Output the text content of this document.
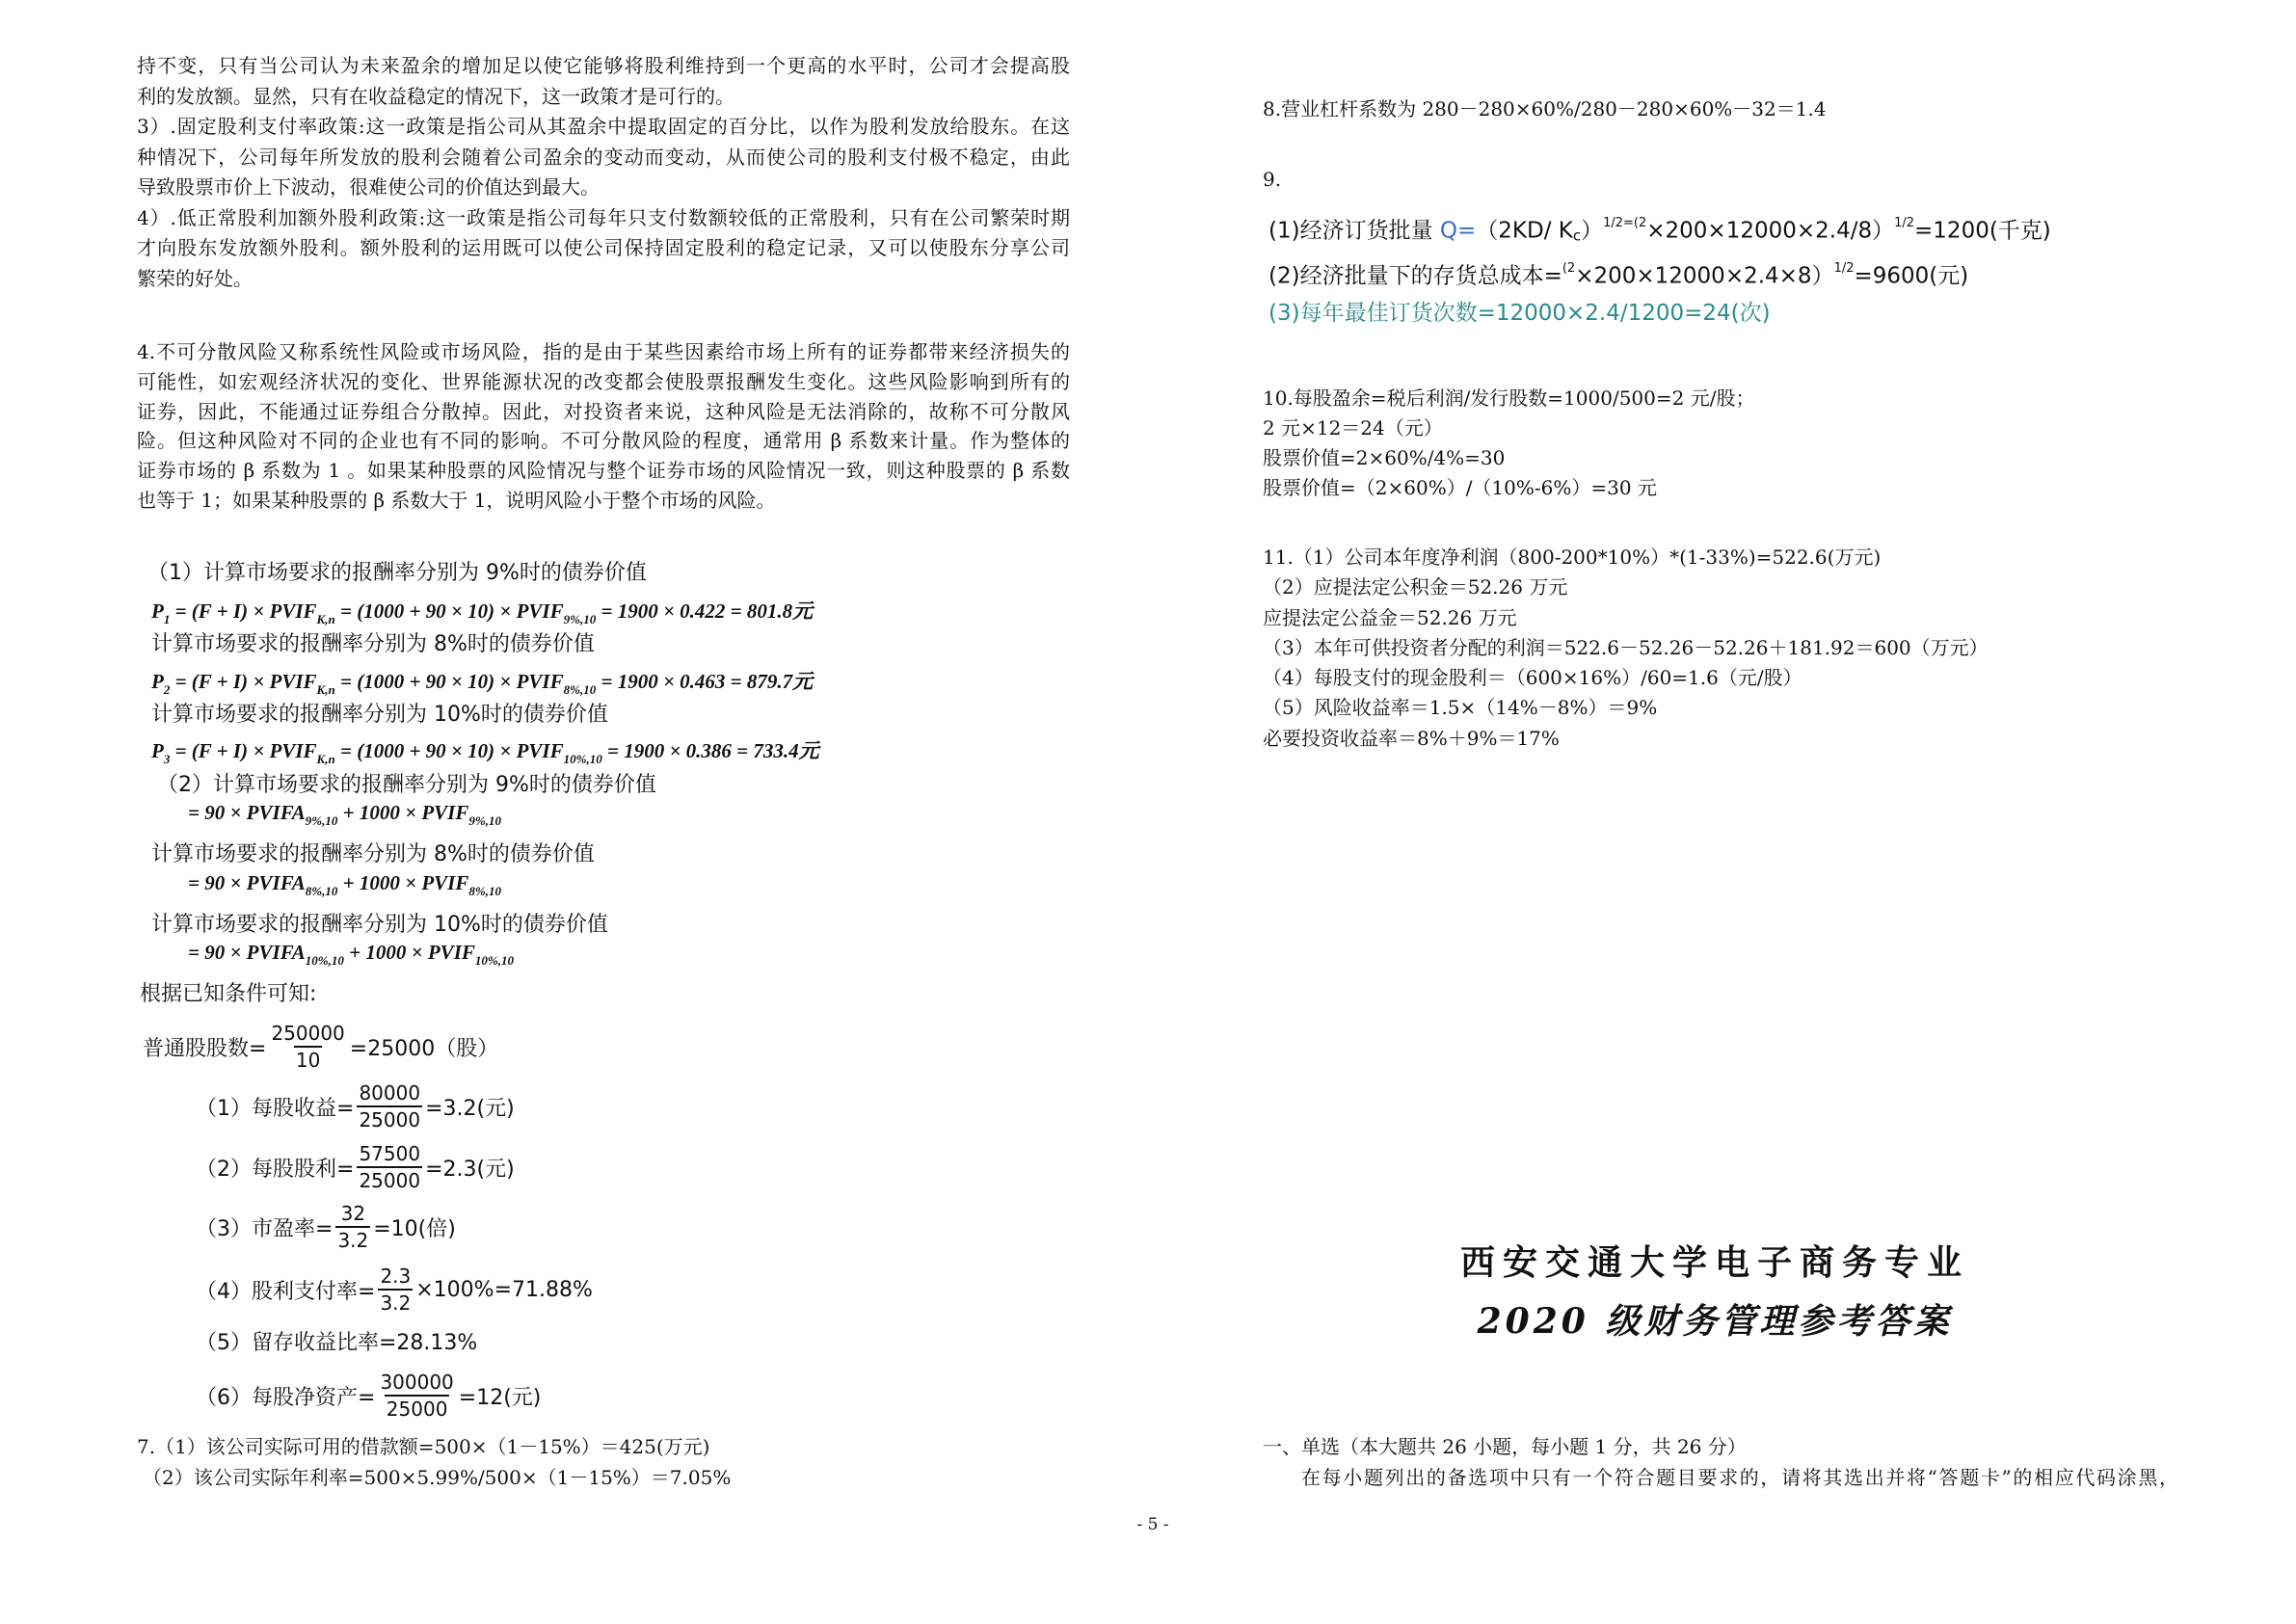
持不变，只有当公司认为未来盈余的增加足以使它能够将股利维持到一个更高的水平时，公司才会提高股
利的发放额。显然，只有在收益稳定的情况下，这一政策才是可行的。
3）.固定股利支付率政策:这一政策是指公司从其盈余中提取固定的百分比，以作为股利发放给股东。在这
种情况下，公司每年所发放的股利会随着公司盈余的变动而变动，从而使公司的股利支付极不稳定，由此
导致股票市价上下波动，很难使公司的价值达到最大。
4）.低正常股利加额外股利政策:这一政策是指公司每年只支付数额较低的正常股利，只有在公司繁荣时期
才向股东发放额外股利。额外股利的运用既可以使公司保持固定股利的稳定记录，又可以使股东分享公司
繁荣的好处。
4.不可分散风险又称系统性风险或市场风险，指的是由于某些因素给市场上所有的证券都带来经济损失的
可能性，如宏观经济状况的变化、世界能源状况的改变都会使股票报酬发生变化。这些风险影响到所有的
证券，因此，不能通过证券组合分散掉。因此，对投资者来说，这种风险是无法消除的，故称不可分散风
险。但这种风险对不同的企业也有不同的影响。不可分散风险的程度，通常用 β 系数来计量。作为整体的
证券市场的 β 系数为 1 。如果某种股票的风险情况与整个证券市场的风险情况一致，则这种股票的 β 系数
也等于 1；如果某种股票的 β 系数大于 1，说明风险小于整个市场的风险。
（1）计算市场要求的报酬率分别为 9%时的债券价值
$P_1 = (F + I)$ × $PVIF_{K,n} = (1000 + 90 \times 10)$ × $PVIF_{9\%,10} = 1900 \times 0.422 = 801.8$元
计算市场要求的报酬率分别为 8%时的债券价值
$P_2 = (F + I)$ × $PVIF_{K,n} = (1000 + 90 \times 10)$ × $PVIF_{8\%,10} = 1900 \times 0.463 = 879.7$元
计算市场要求的报酬率分别为 10%时的债券价值
$P_3 = (F + I)$ × $PVIF_{K,n} = (1000 + 90 \times 10)$ × $PVIF_{10\%,10} = 1900 \times 0.386 = 733.4$元
（2）计算市场要求的报酬率分别为 9%时的债券价值
= $90 \times PVIFA_{9\%,10} + 1000$ × $PVIF_{9\%,10}$
计算市场要求的报酬率分别为 8%时的债券价值
= $90 \times PVIFA_{8\%,10} + 1000$ × $PVIF_{8\%,10}$
计算市场要求的报酬率分别为 10%时的债券价值
= $90 \times PVIFA_{10\%,10} + 1000$ × $PVIF_{10\%,10}$
根据已知条件可知:
普通股股数= $\frac{250000}{10} =25000$（股）
（1）每股收益= $\frac{80000}{25000} =3.2$(元)
（2）每股股利= $\frac{57500}{25000} =2.3$(元)
（3）市盈率= $\frac{32}{3.2} =10$(倍)
（4）股利支付率= $\frac{2.3}{3.2} \times 100\%=71.88\%$
（5）留存收益比率=28.13%
（6）每股净资产= $\frac{300000}{25000} =12$(元)
7.（1）该公司实际可用的借款额=500×（1－15%）＝425(万元)
（2）该公司实际年利率=500×5.99%/500×（1－15%）＝7.05%
- 5 -
8.营业杠杆系数为 280－280×60%/280－280×60%－32＝1.4
9.
(1)经济订货批量 Q=（2KD/ $K_c)^{1/2=(2}\times 200\times 12000\times 2.4/8)^{1/2}=1200$(千克)
(2)经济批量下的存货总成本=$^{(2}$×200×12000×2.4×8）$^{1/2}$=9600(元)
(3)每年最佳订货次数=12000×2.4/1200=24(次)
10.每股盈余=税后利润/发行股数=1000/500=2 元/股；
2 元×12＝24（元）
股票价值=2×60%/4%=30
股票价值=（2×60%）/（10%-6%）=30 元
11.（1）公司本年度净利润（800-200*10%）*(1-33%)=522.6(万元)
（2）应提法定公积金＝52.26 万元
应提法定公益金＝52.26 万元
（3）本年可供投资者分配的利润＝522.6－52.26－52.26＋181.92＝600（万元）
（4）每股支付的现金股利＝（600×16%）/60=1.6（元/股）
（5）风险收益率＝1.5×（14%－8%）＝9%
必要投资收益率＝8%＋9%＝17%
西安交通大学电子商务专业
2020 级财务管理参考答案
一、单选（本大题共 26 小题，每小题 1 分，共 26 分）
在每小题列出的备选项中只有一个符合题目要求的，请将其选出并将“答题卡”的相应代码涂黑，
